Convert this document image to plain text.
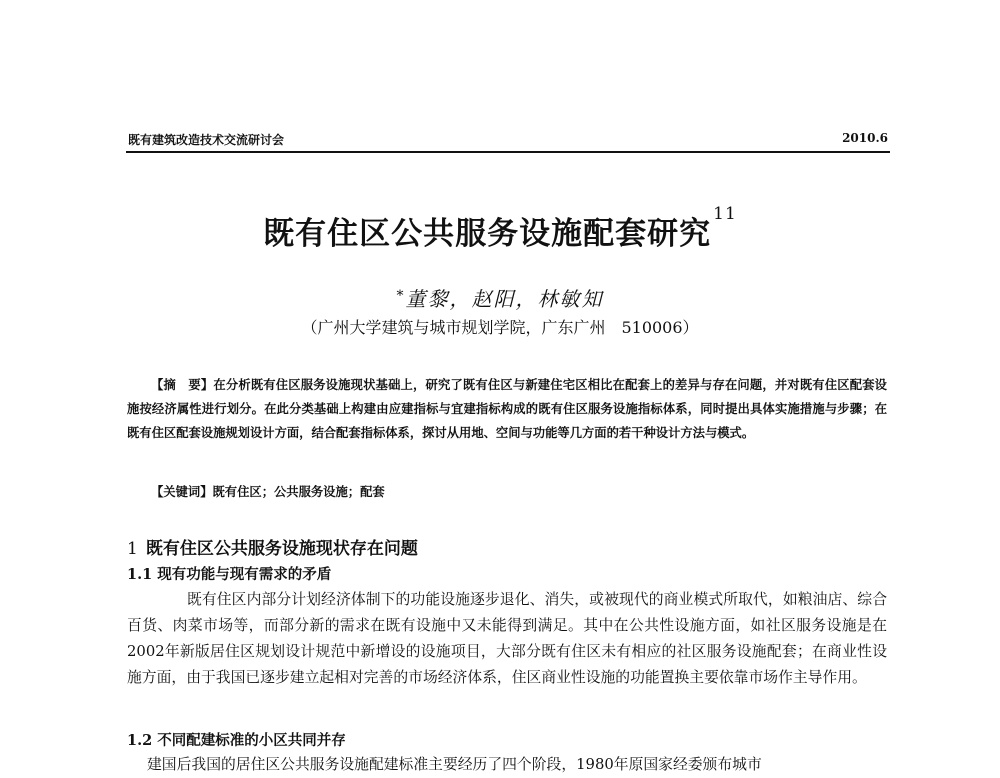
既有建筑改造技术交流研讨会	2010.6
既有住区公共服务设施配套研究$^{11}$
*董黎，赵阳，林敏知
（广州大学建筑与城市规划学院，广东广州　510006）

【摘　要】在分析既有住区服务设施现状基础上，研究了既有住区与新建住宅区相比在配套上的差异与存在问题，并对既有住区配套设施按经济属性进行划分。在此分类基础上构建由应建指标与宜建指标构成的既有住区服务设施指标体系，同时提出具体实施措施与步骤；在既有住区配套设施规划设计方面，结合配套指标体系，探讨从用地、空间与功能等几方面的若干种设计方法与模式。

【关键词】既有住区；公共服务设施；配套
1 既有住区公共服务设施现状存在问题
1.1 现有功能与现有需求的矛盾

既有住区内部分计划经济体制下的功能设施逐步退化、消失，或被现代的商业模式所取代，如粮油店、综合百货、肉菜市场等，而部分新的需求在既有设施中又未能得到满足。其中在公共性设施方面，如社区服务设施是在2002年新版居住区规划设计规范中新增设的设施项目，大部分既有住区未有相应的社区服务设施配套；在商业性设施方面，由于我国已逐步建立起相对完善的市场经济体系，住区商业性设施的功能置换主要依靠市场作主导作用。

1.2 不同配建标准的小区共同并存
建国后我国的居住区公共服务设施配建标准主要经历了四个阶段，1980年原国家经委颁布城市
